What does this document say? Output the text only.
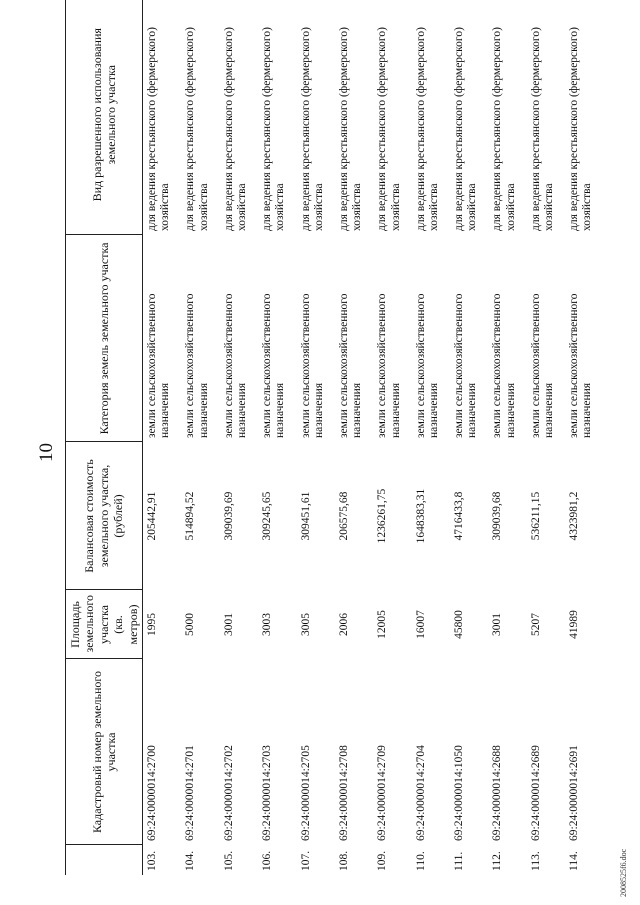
10
	Кадастровый номер земельного участка	Площадь земельного участка (кв. метров)	Балансовая стоимость земельного участка, (рублей)	Категория земель земельного участка	Вид разрешенного использования земельного участка
103.	69:24:0000014:2700	1995	205442,91	земли сельскохозяйственного назначения	для ведения крестьянского (фермерского) хозяйства
104.	69:24:0000014:2701	5000	514894,52	земли сельскохозяйственного назначения	для ведения крестьянского (фермерского) хозяйства
105.	69:24:0000014:2702	3001	309039,69	земли сельскохозяйственного назначения	для ведения крестьянского (фермерского) хозяйства
106.	69:24:0000014:2703	3003	309245,65	земли сельскохозяйственного назначения	для ведения крестьянского (фермерского) хозяйства
107.	69:24:0000014:2705	3005	309451,61	земли сельскохозяйственного назначения	для ведения крестьянского (фермерского) хозяйства
108.	69:24:0000014:2708	2006	206575,68	земли сельскохозяйственного назначения	для ведения крестьянского (фермерского) хозяйства
109.	69:24:0000014:2709	12005	1236261,75	земли сельскохозяйственного назначения	для ведения крестьянского (фермерского) хозяйства
110.	69:24:0000014:2704	16007	1648383,31	земли сельскохозяйственного назначения	для ведения крестьянского (фермерского) хозяйства
111.	69:24:0000014:1050	45800	4716433,8	земли сельскохозяйственного назначения	для ведения крестьянского (фермерского) хозяйства
112.	69:24:0000014:2688	3001	309039,68	земли сельскохозяйственного назначения	для ведения крестьянского (фермерского) хозяйства
113.	69:24:0000014:2689	5207	536211,15	земли сельскохозяйственного назначения	для ведения крестьянского (фермерского) хозяйства
114.	69:24:0000014:2691	41989	4323981,2	земли сельскохозяйственного назначения	для ведения крестьянского (фермерского) хозяйства
2008525f6.doc
